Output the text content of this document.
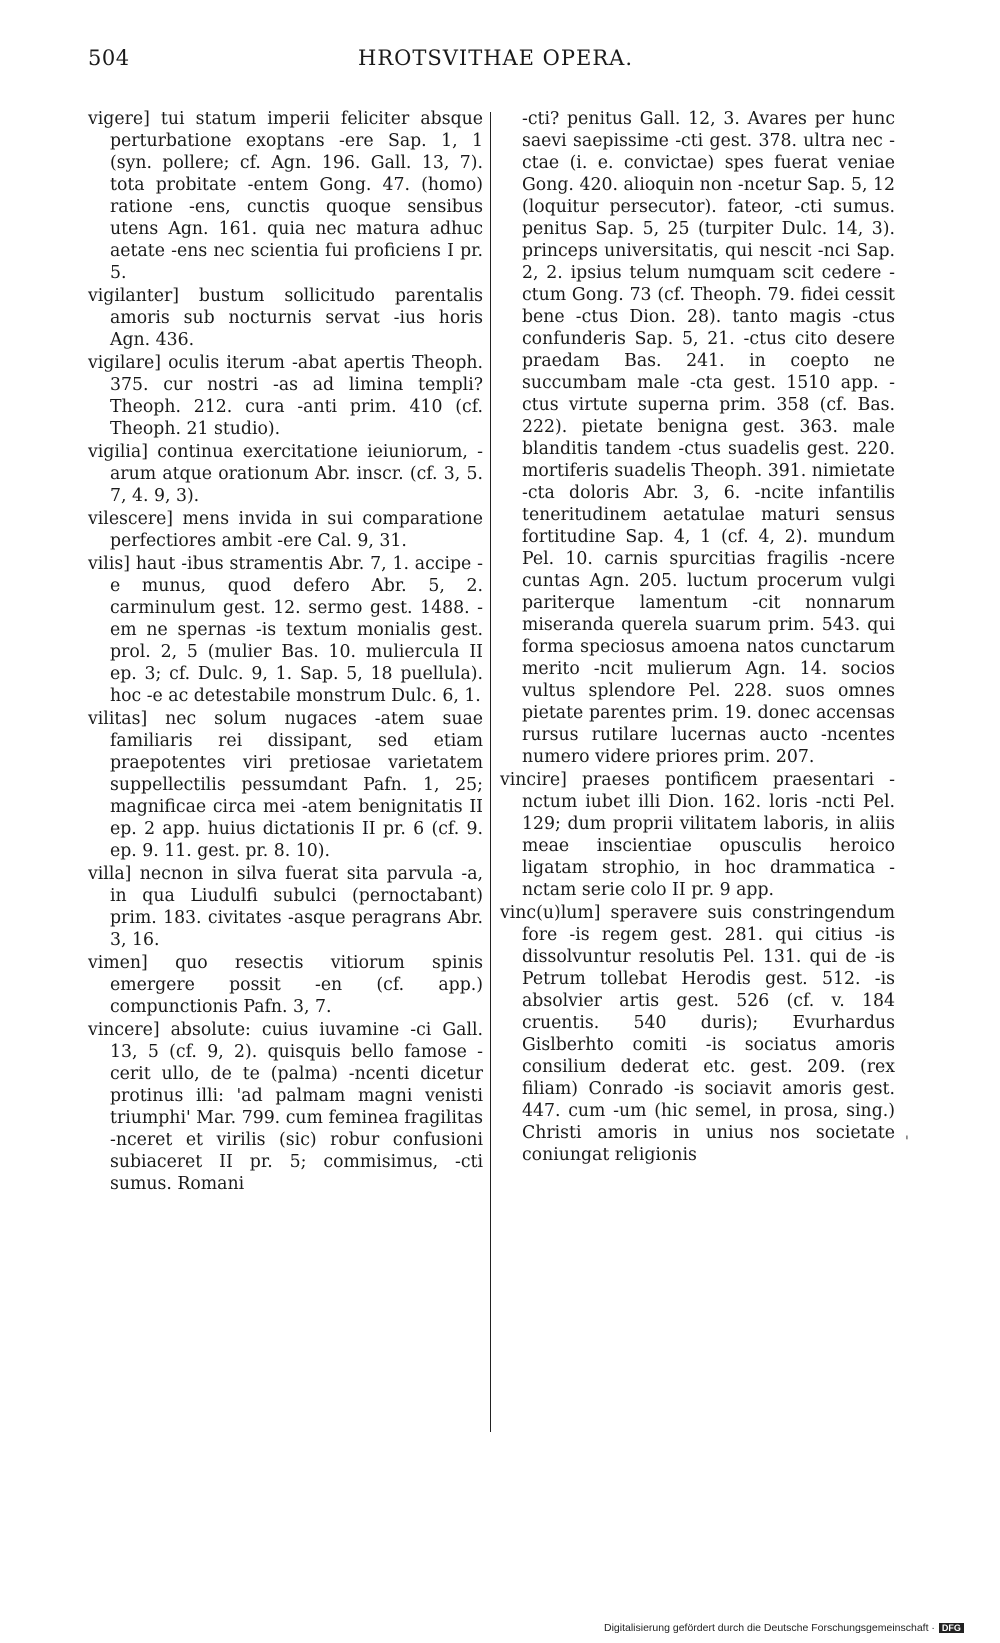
504	HROTSVITHAE OPERA.

vigere] tui statum imperii feliciter absque perturbatione exoptans -ere Sap. 1, 1 (syn. pollere; cf. Agn. 196. Gall. 13, 7). tota probitate -entem Gong. 47. (homo) ratione -ens, cunctis quoque sensibus utens Agn. 161. quia nec matura adhuc aetate -ens nec scientia fui proficiens I pr. 5.

vigilanter] bustum sollicitudo parentalis amoris sub nocturnis servat -ius horis Agn. 436.

vigilare] oculis iterum -abat apertis Theoph. 375. cur nostri -as ad limina templi? Theoph. 212. cura -anti prim. 410 (cf. Theoph. 21 studio).

vigilia] continua exercitatione ieiuniorum, -arum atque orationum Abr. inscr. (cf. 3, 5. 7, 4. 9, 3).

vilescere] mens invida in sui comparatione perfectiores ambit -ere Cal. 9, 31.

vilis] haut -ibus stramentis Abr. 7, 1. accipe -e munus, quod defero Abr. 5, 2. carminulum gest. 12. sermo gest. 1488. -em ne spernas -is textum monialis gest. prol. 2, 5 (mulier Bas. 10. muliercula II ep. 3; cf. Dulc. 9, 1. Sap. 5, 18 puellula). hoc -e ac detestabile monstrum Dulc. 6, 1.

vilitas] nec solum nugaces -atem suae familiaris rei dissipant, sed etiam praepotentes viri pretiosae varietatem suppellectilis pessumdant Pafn. 1, 25; magnificae circa mei -atem benignitatis II ep. 2 app. huius dictationis II pr. 6 (cf. 9. ep. 9. 11. gest. pr. 8. 10).

villa] necnon in silva fuerat sita parvula -a, in qua Liudulfi subulci (pernoctabant) prim. 183. civitates -asque peragrans Abr. 3, 16.

vimen] quo resectis vitiorum spinis emergere possit -en (cf. app.) compunctionis Pafn. 3, 7.

vincere] absolute: cuius iuvamine -ci Gall. 13, 5 (cf. 9, 2). quisquis bello famose -cerit ullo, de te (palma) -ncenti dicetur protinus illi: 'ad palmam magni venisti triumphi' Mar. 799. cum feminea fragilitas -nceret et virilis (sic) robur confusioni subiaceret II pr. 5; commisimus, -cti sumus. Romani

-cti? penitus Gall. 12, 3. Avares per hunc saevi saepissime -cti gest. 378. ultra nec -ctae (i. e. convictae) spes fuerat veniae Gong. 420. alioquin non -ncetur Sap. 5, 12 (loquitur persecutor). fateor, -cti sumus. penitus Sap. 5, 25 (turpiter Dulc. 14, 3). princeps universitatis, qui nescit -nci Sap. 2, 2. ipsius telum numquam scit cedere -ctum Gong. 73 (cf. Theoph. 79. fidei cessit bene -ctus Dion. 28). tanto magis -ctus confunderis Sap. 5, 21. -ctus cito desere praedam Bas. 241. in coepto ne succumbam male -cta gest. 1510 app. -ctus virtute superna prim. 358 (cf. Bas. 222). pietate benigna gest. 363. male blanditis tandem -ctus suadelis gest. 220. mortiferis suadelis Theoph. 391. nimietate -cta doloris Abr. 3, 6. -ncite infantilis teneritudinem aetatulae maturi sensus fortitudine Sap. 4, 1 (cf. 4, 2). mundum Pel. 10. carnis spurcitias fragilis -ncere cuntas Agn. 205. luctum procerum vulgi pariterque lamentum -cit nonnarum miseranda querela suarum prim. 543. qui forma speciosus amoena natos cunctarum merito -ncit mulierum Agn. 14. socios vultus splendore Pel. 228. suos omnes pietate parentes prim. 19. donec accensas rursus rutilare lucernas aucto -ncentes numero videre priores prim. 207.

vincire] praeses pontificem praesentari -nctum iubet illi Dion. 162. loris -ncti Pel. 129; dum proprii vilitatem laboris, in aliis meae inscientiae opusculis heroico ligatam strophio, in hoc drammatica -nctam serie colo II pr. 9 app.

vinc(u)lum] speravere suis constringendum fore -is regem gest. 281. qui citius -is dissolvuntur resolutis Pel. 131. qui de -is Petrum tollebat Herodis gest. 512. -is absolvier artis gest. 526 (cf. v. 184 cruentis. 540 duris); Evurhardus Gislberhto comiti -is sociatus amoris consilium dederat etc. gest. 209. (rex filiam) Conrado -is sociavit amoris gest. 447. cum -um (hic semel, in prosa, sing.) Christi amoris in unius nos societate coniungat religionis

'
Digitalisierung gefördert durch die Deutsche Forschungsgemeinschaft · DFG
